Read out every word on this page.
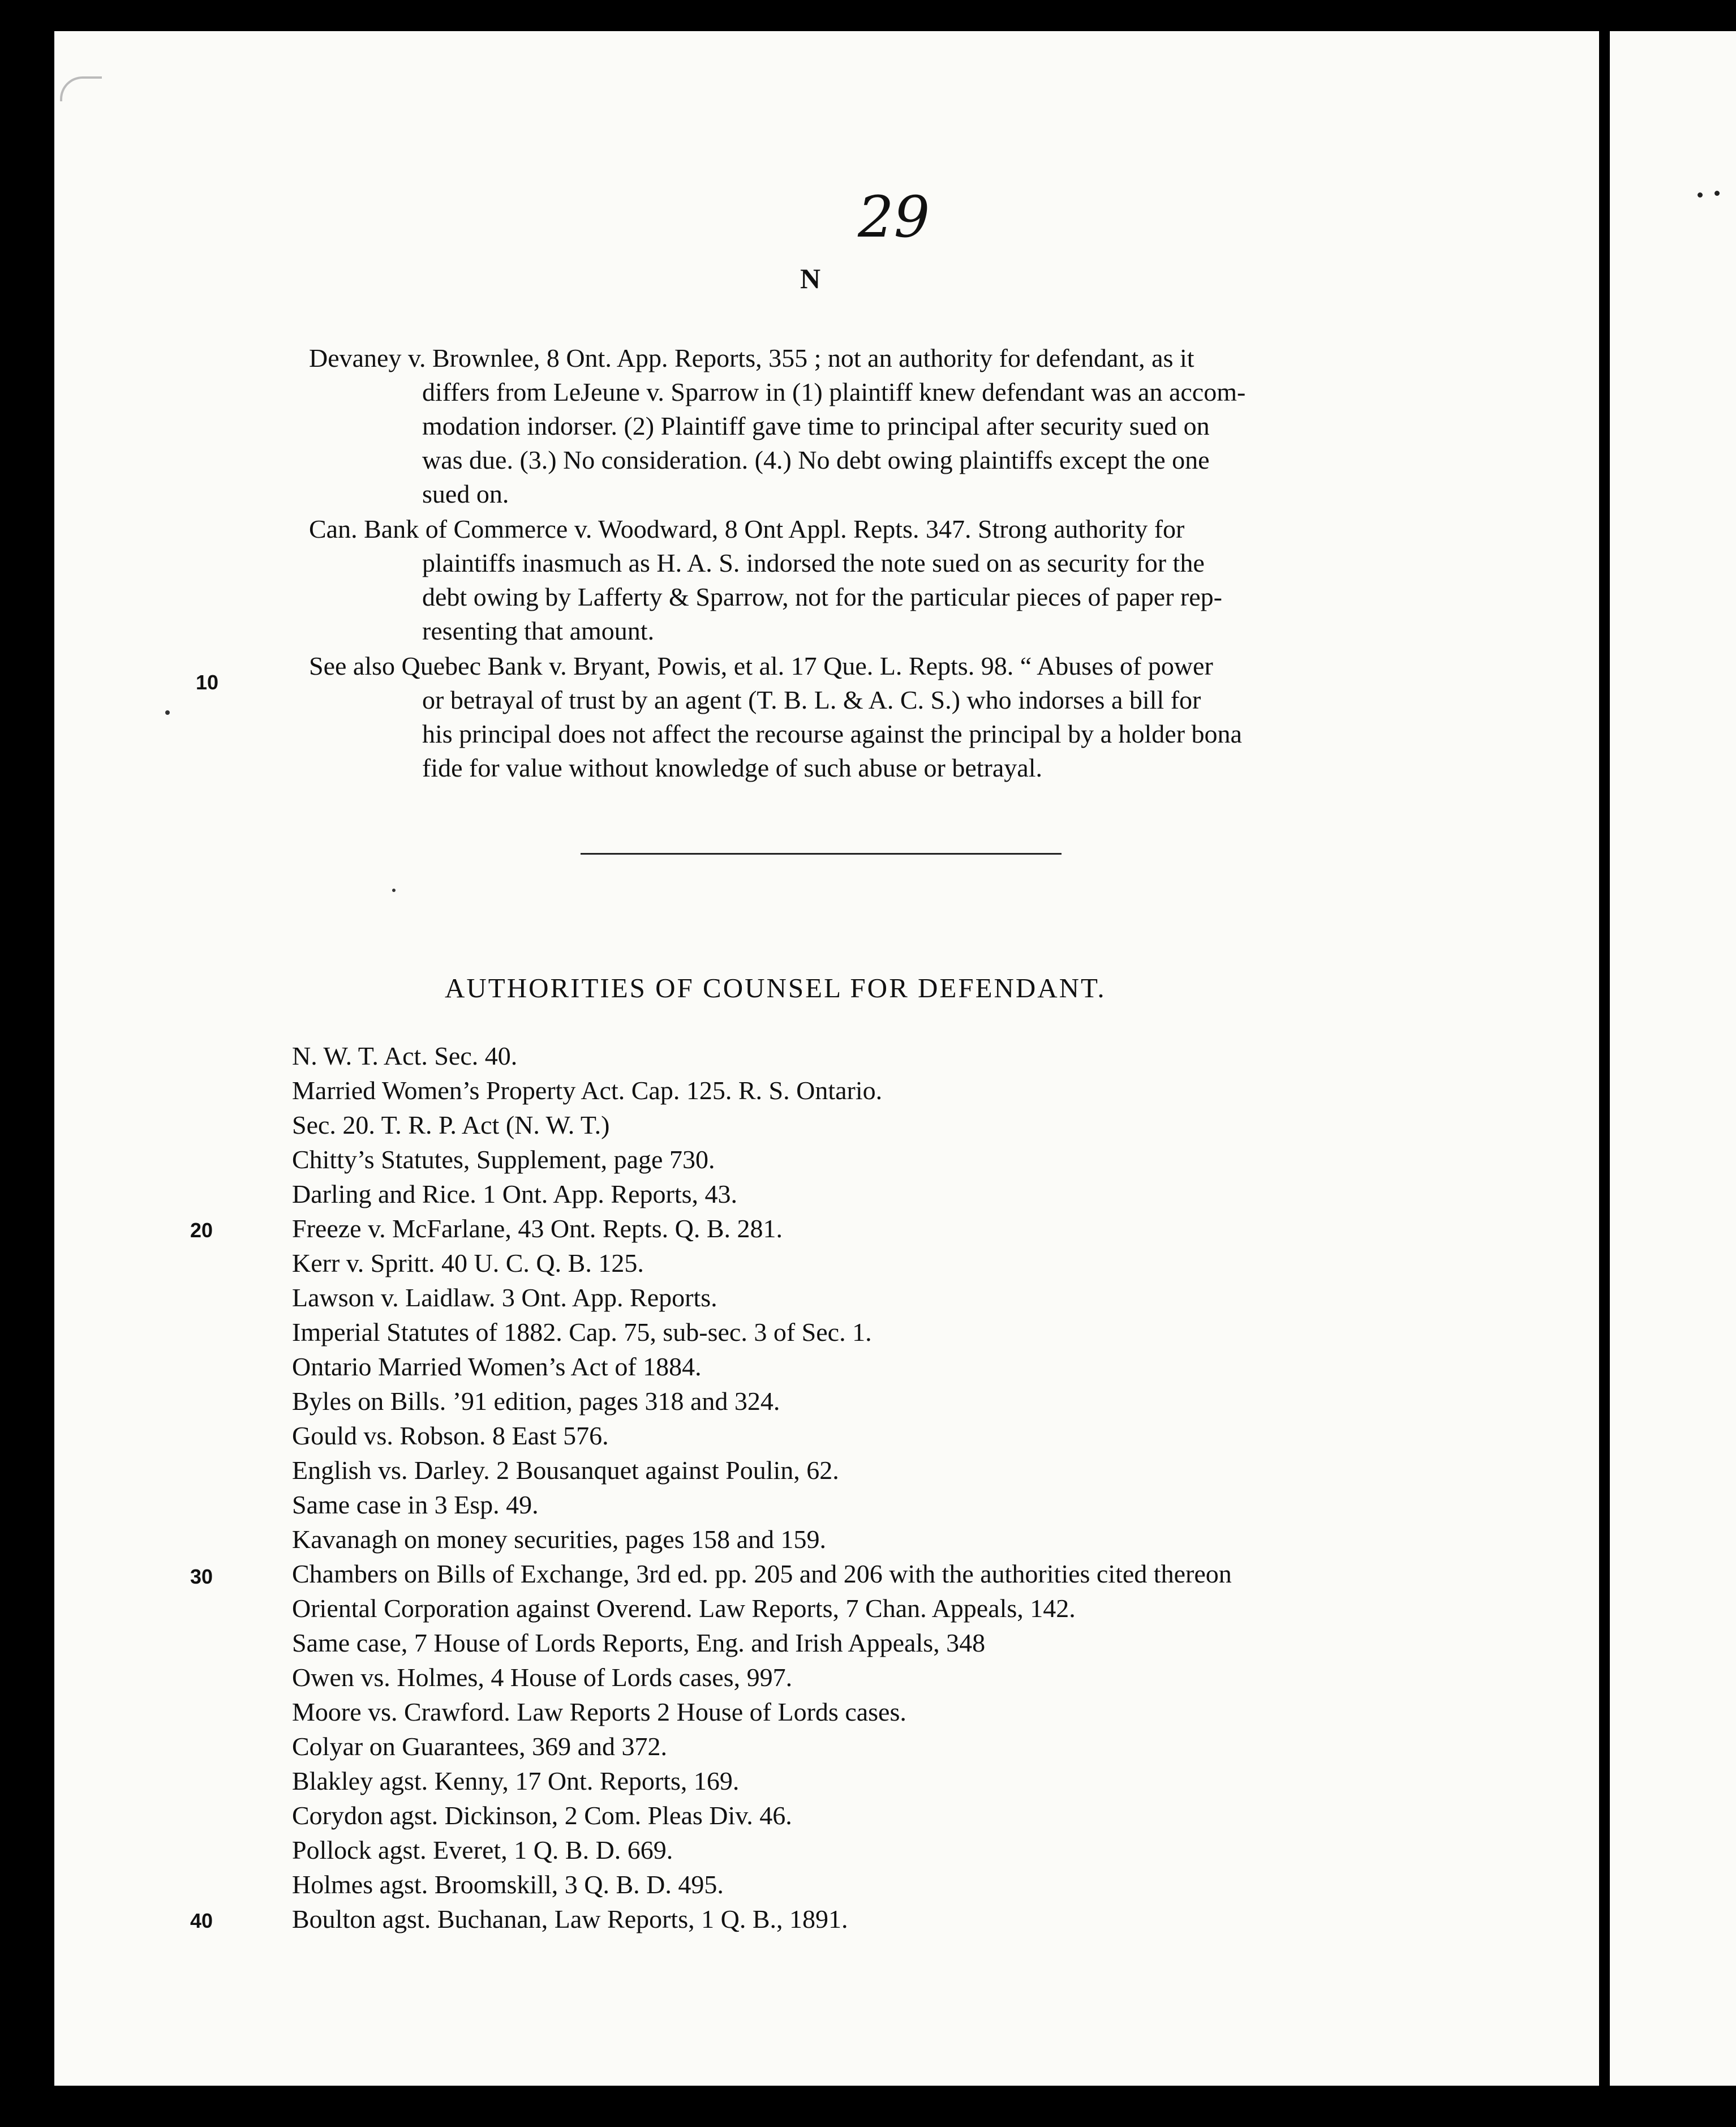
29
N
Devaney v. Brownlee, 8 Ont. App. Reports, 355 ; not an authority for defendant, as it
differs from LeJeune v. Sparrow in (1) plaintiff knew defendant was an accom-
modation indorser. (2) Plaintiff gave time to principal after security sued on
was due. (3.) No consideration. (4.) No debt owing plaintiffs except the one
sued on.
Can. Bank of Commerce v. Woodward, 8 Ont Appl. Repts. 347. Strong authority for
plaintiffs inasmuch as H. A. S. indorsed the note sued on as security for the
debt owing by Lafferty & Sparrow, not for the particular pieces of paper rep-
resenting that amount.
See also Quebec Bank v. Bryant, Powis, et al. 17 Que. L. Repts. 98. “ Abuses of power
or betrayal of trust by an agent (T. B. L. & A. C. S.) who indorses a bill for
his principal does not affect the recourse against the principal by a holder bona
fide for value without knowledge of such abuse or betrayal.
AUTHORITIES OF COUNSEL FOR DEFENDANT.
N. W. T. Act. Sec. 40.
Married Women’s Property Act. Cap. 125. R. S. Ontario.
Sec. 20. T. R. P. Act (N. W. T.)
Chitty’s Statutes, Supplement, page 730.
Darling and Rice. 1 Ont. App. Reports, 43.
Freeze v. McFarlane, 43 Ont. Repts. Q. B. 281.
Kerr v. Spritt. 40 U. C. Q. B. 125.
Lawson v. Laidlaw. 3 Ont. App. Reports.
Imperial Statutes of 1882. Cap. 75, sub-sec. 3 of Sec. 1.
Ontario Married Women’s Act of 1884.
Byles on Bills. ’91 edition, pages 318 and 324.
Gould vs. Robson. 8 East 576.
English vs. Darley. 2 Bousanquet against Poulin, 62.
Same case in 3 Esp. 49.
Kavanagh on money securities, pages 158 and 159.
Chambers on Bills of Exchange, 3rd ed. pp. 205 and 206 with the authorities cited thereon
Oriental Corporation against Overend. Law Reports, 7 Chan. Appeals, 142.
Same case, 7 House of Lords Reports, Eng. and Irish Appeals, 348
Owen vs. Holmes, 4 House of Lords cases, 997.
Moore vs. Crawford. Law Reports 2 House of Lords cases.
Colyar on Guarantees, 369 and 372.
Blakley agst. Kenny, 17 Ont. Reports, 169.
Corydon agst. Dickinson, 2 Com. Pleas Div. 46.
Pollock agst. Everet, 1 Q. B. D. 669.
Holmes agst. Broomskill, 3 Q. B. D. 495.
Boulton agst. Buchanan, Law Reports, 1 Q. B., 1891.
10
20
30
40
